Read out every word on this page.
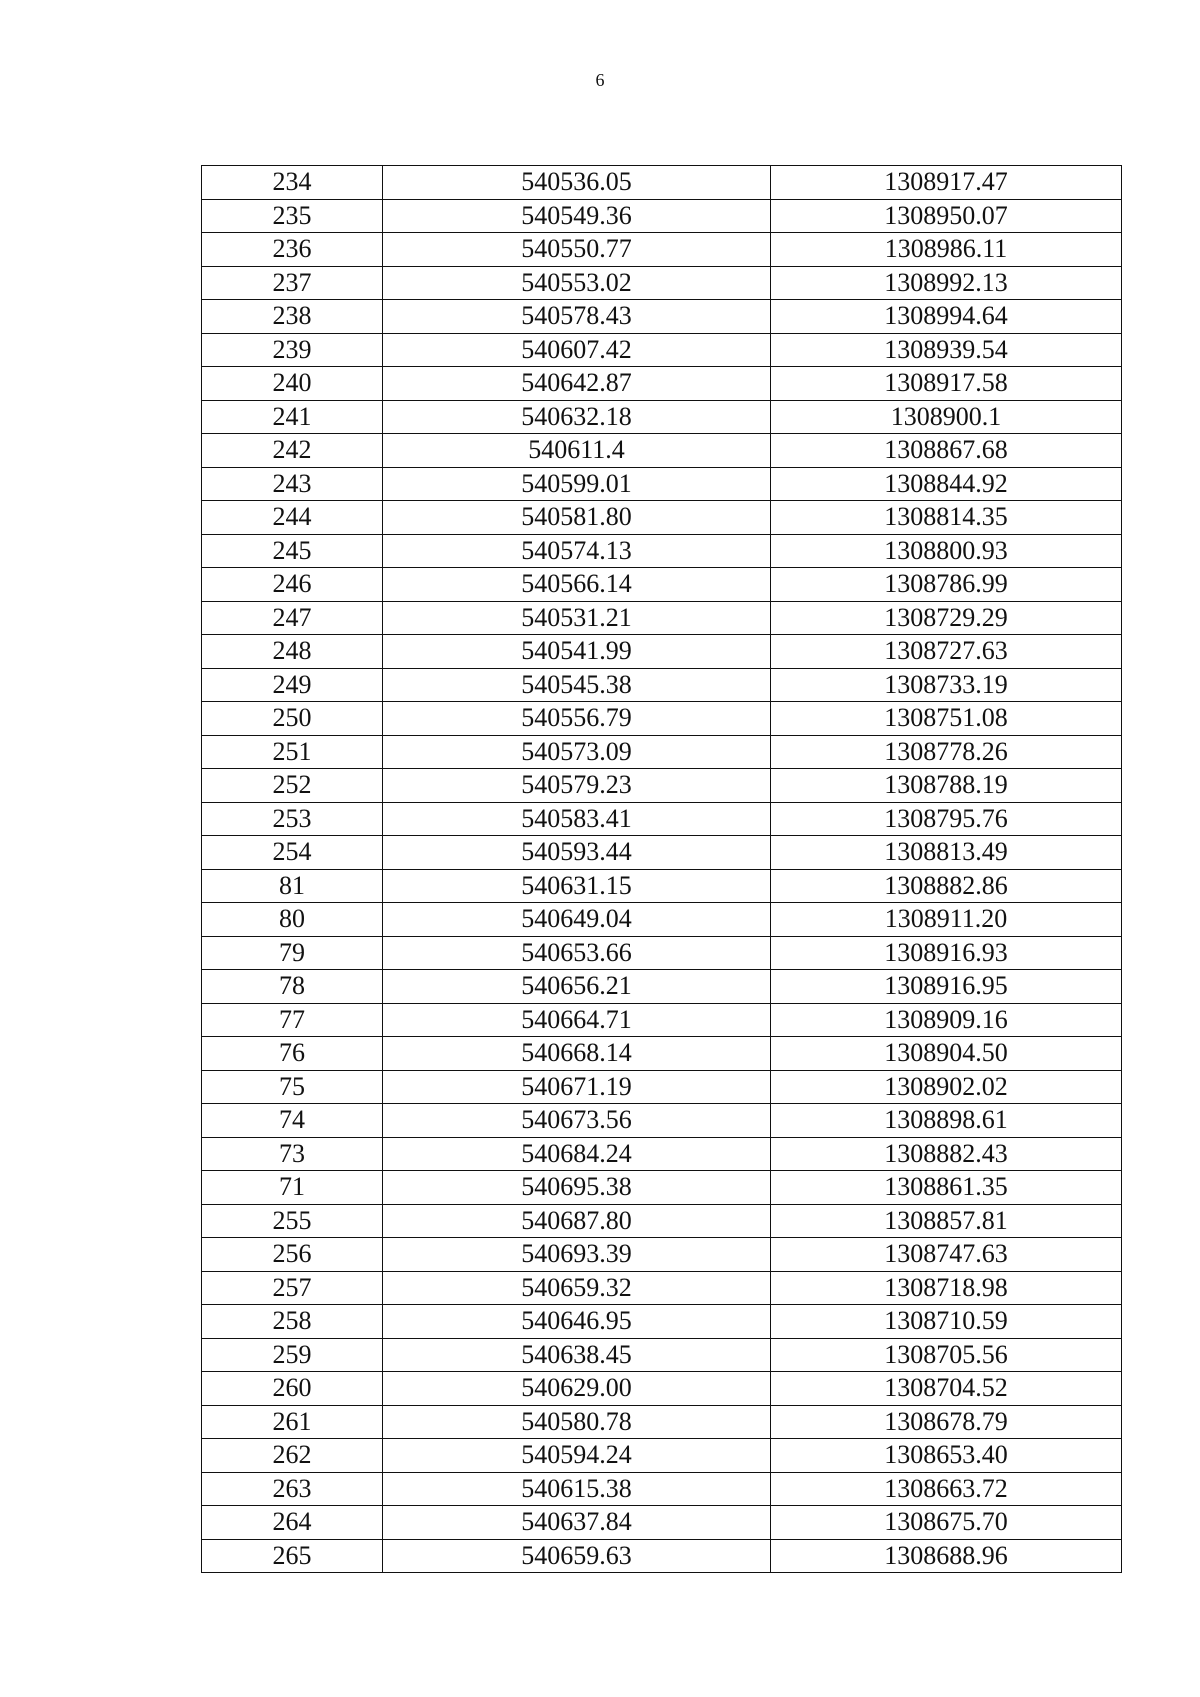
6
234	540536.05	1308917.47
235	540549.36	1308950.07
236	540550.77	1308986.11
237	540553.02	1308992.13
238	540578.43	1308994.64
239	540607.42	1308939.54
240	540642.87	1308917.58
241	540632.18	1308900.1
242	540611.4	1308867.68
243	540599.01	1308844.92
244	540581.80	1308814.35
245	540574.13	1308800.93
246	540566.14	1308786.99
247	540531.21	1308729.29
248	540541.99	1308727.63
249	540545.38	1308733.19
250	540556.79	1308751.08
251	540573.09	1308778.26
252	540579.23	1308788.19
253	540583.41	1308795.76
254	540593.44	1308813.49
81	540631.15	1308882.86
80	540649.04	1308911.20
79	540653.66	1308916.93
78	540656.21	1308916.95
77	540664.71	1308909.16
76	540668.14	1308904.50
75	540671.19	1308902.02
74	540673.56	1308898.61
73	540684.24	1308882.43
71	540695.38	1308861.35
255	540687.80	1308857.81
256	540693.39	1308747.63
257	540659.32	1308718.98
258	540646.95	1308710.59
259	540638.45	1308705.56
260	540629.00	1308704.52
261	540580.78	1308678.79
262	540594.24	1308653.40
263	540615.38	1308663.72
264	540637.84	1308675.70
265	540659.63	1308688.96
